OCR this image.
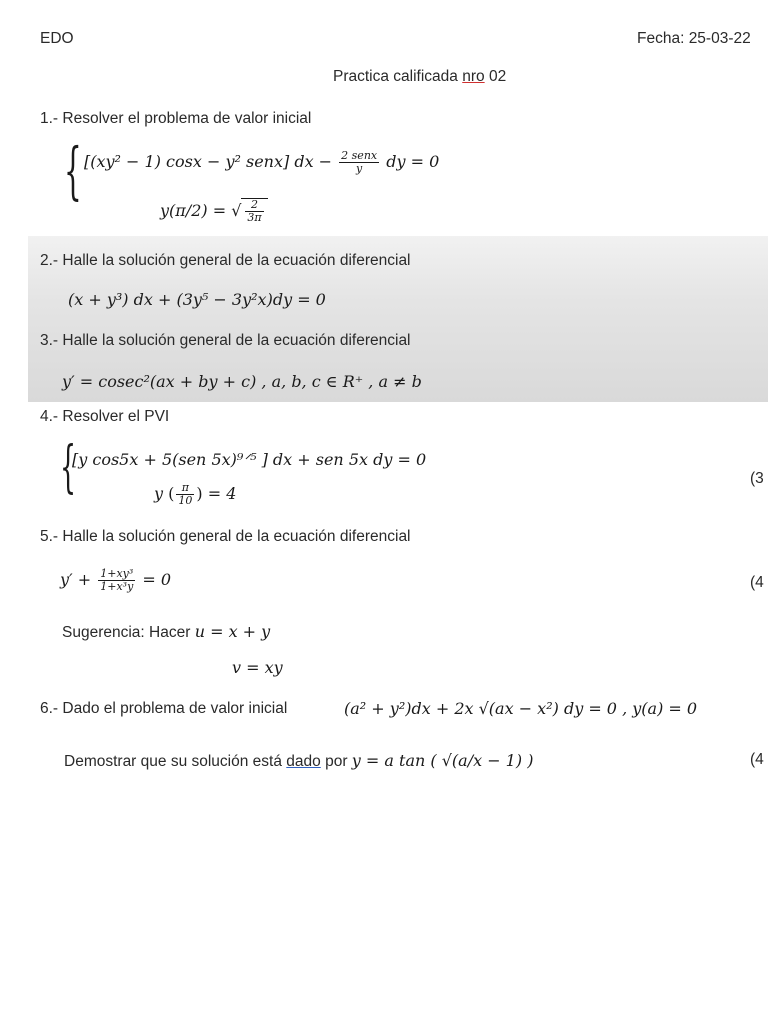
EDO	Fecha: 25-03-22
Practica calificada nro 02
1.- Resolver el problema de valor inicial
{ [(xy² − 1) cosx − y² senx] dx − $\frac{\text{2 senx}}{y}$ dy = 0
y(π/2) = √ $\frac{2}{3\pi}$
2.- Halle la solución general de la ecuación diferencial
(x + y³) dx + (3y⁵ − 3y²x)dy = 0
3.- Halle la solución general de la ecuación diferencial
y′ = cosec²(ax + by + c) , a, b, c ∈ R⁺ , a ≠ b
4.- Resolver el PVI
{
[y cos5x + 5(sen 5x)⁹ᐟ⁵ ] dx + sen 5x dy = 0
y ( $\frac{\pi}{10}$ ) = 4
(3
5.- Halle la solución general de la ecuación diferencial
$y' + \frac{\text{1+xy³}}{\text{1+x³y}} = 0$	(4
Sugerencia: Hacer u = x + y
v = xy
6.- Dado el problema de valor inicial	(a² + y²)dx + 2x √(ax − x²) dy = 0 , y(a) = 0
Demostrar que su solución está dado por y = a tan ( √(a/x − 1) )	(4
